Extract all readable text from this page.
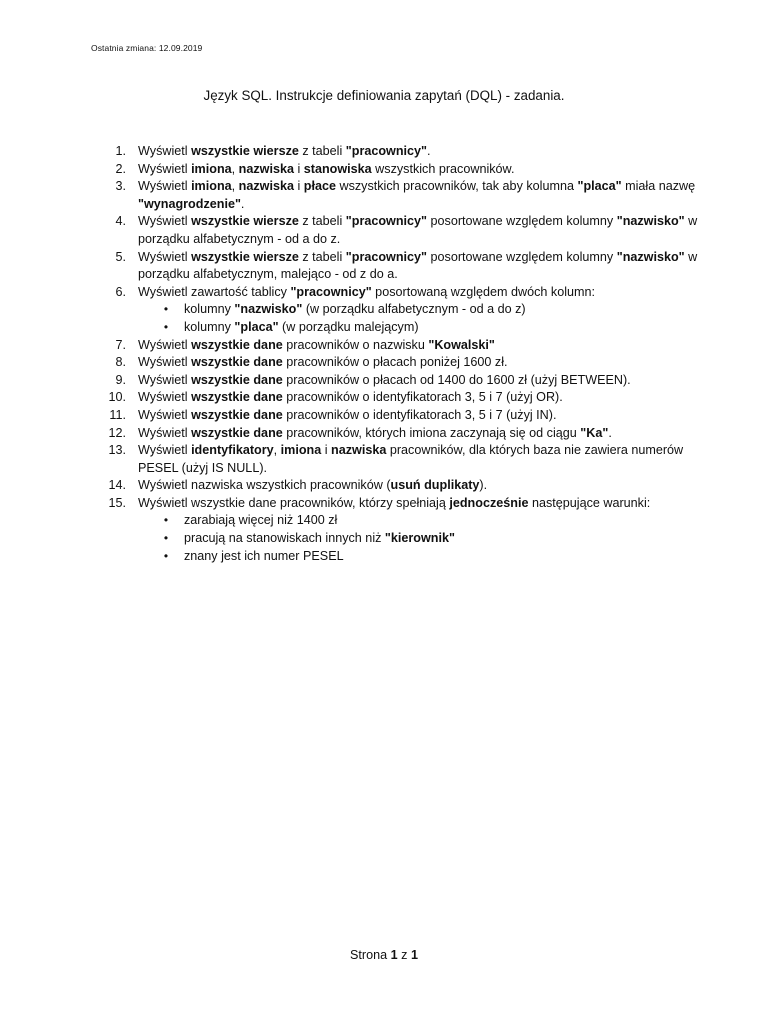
Ostatnia zmiana: 12.09.2019
Język SQL. Instrukcje definiowania zapytań (DQL) - zadania.
1. Wyświetl wszystkie wiersze z tabeli "pracownicy".
2. Wyświetl imiona, nazwiska i stanowiska wszystkich pracowników.
3. Wyświetl imiona, nazwiska i płace wszystkich pracowników, tak aby kolumna "placa" miała nazwę "wynagrodzenie".
4. Wyświetl wszystkie wiersze z tabeli "pracownicy" posortowane względem kolumny "nazwisko" w porządku alfabetycznym - od a do z.
5. Wyświetl wszystkie wiersze z tabeli "pracownicy" posortowane względem kolumny "nazwisko" w porządku alfabetycznym, malejąco - od z do a.
6. Wyświetl zawartość tablicy "pracownicy" posortowaną względem dwóch kolumn:
•	kolumny "nazwisko" (w porządku alfabetycznym - od a do z)
•	kolumny "placa" (w porządku malejącym)
7. Wyświetl wszystkie dane pracowników o nazwisku "Kowalski"
8. Wyświetl wszystkie dane pracowników o płacach poniżej 1600 zł.
9. Wyświetl wszystkie dane pracowników o płacach od 1400 do 1600 zł (użyj BETWEEN).
10. Wyświetl wszystkie dane pracowników o identyfikatorach 3, 5 i 7 (użyj OR).
11. Wyświetl wszystkie dane pracowników o identyfikatorach 3, 5 i 7 (użyj IN).
12. Wyświetl wszystkie dane pracowników, których imiona zaczynają się od ciągu "Ka".
13. Wyświetl identyfikatory, imiona i nazwiska pracowników, dla których baza nie zawiera numerów PESEL (użyj IS NULL).
14. Wyświetl nazwiska wszystkich pracowników (usuń duplikaty).
15. Wyświetl wszystkie dane pracowników, którzy spełniają jednocześnie następujące warunki:
•	zarabiają więcej niż 1400 zł
•	pracują na stanowiskach innych niż "kierownik"
•	znany jest ich numer PESEL
Strona 1 z 1
